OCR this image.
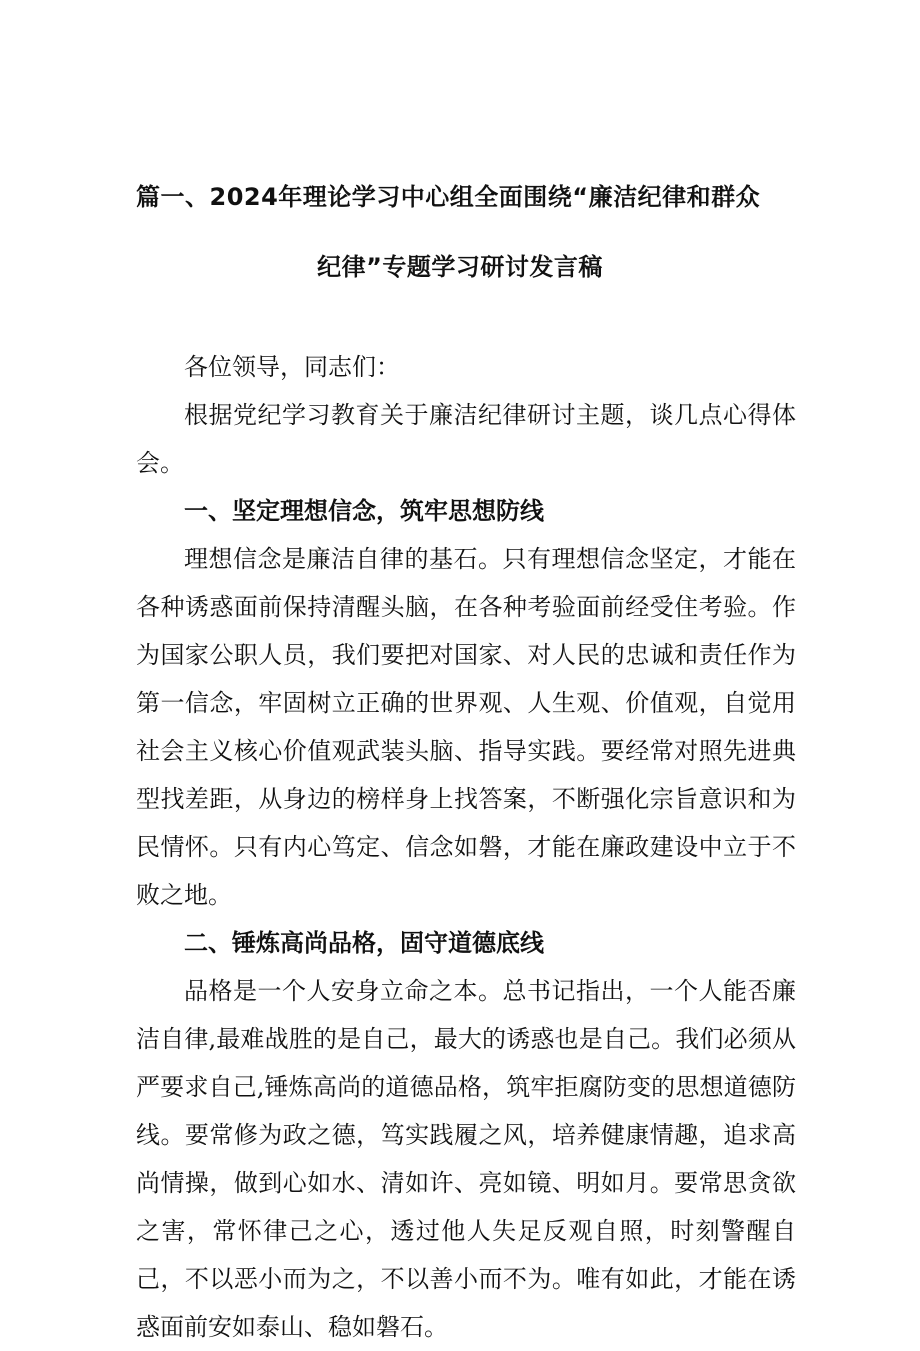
篇一、2024年理论学习中心组全面围绕“廉洁纪律和群众
纪律”专题学习研讨发言稿

各位领导，同志们：

根据党纪学习教育关于廉洁纪律研讨主题，谈几点心得体会。

一、坚定理想信念，筑牢思想防线

理想信念是廉洁自律的基石。只有理想信念坚定，才能在各种诱惑面前保持清醒头脑，在各种考验面前经受住考验。作为国家公职人员，我们要把对国家、对人民的忠诚和责任作为第一信念，牢固树立正确的世界观、人生观、价值观，自觉用社会主义核心价值观武装头脑、指导实践。要经常对照先进典型找差距，从身边的榜样身上找答案，不断强化宗旨意识和为民情怀。只有内心笃定、信念如磐，才能在廉政建设中立于不败之地。

二、锤炼高尚品格，固守道德底线

品格是一个人安身立命之本。总书记指出，一个人能否廉洁自律,最难战胜的是自己，最大的诱惑也是自己。我们必须从严要求自己,锤炼高尚的道德品格，筑牢拒腐防变的思想道德防线。要常修为政之德，笃实践履之风，培养健康情趣，追求高尚情操，做到心如水、清如许、亮如镜、明如月。要常思贪欲之害，常怀律己之心，透过他人失足反观自照，时刻警醒自己，不以恶小而为之，不以善小而不为。唯有如此，才能在诱惑面前安如泰山、稳如磐石。
